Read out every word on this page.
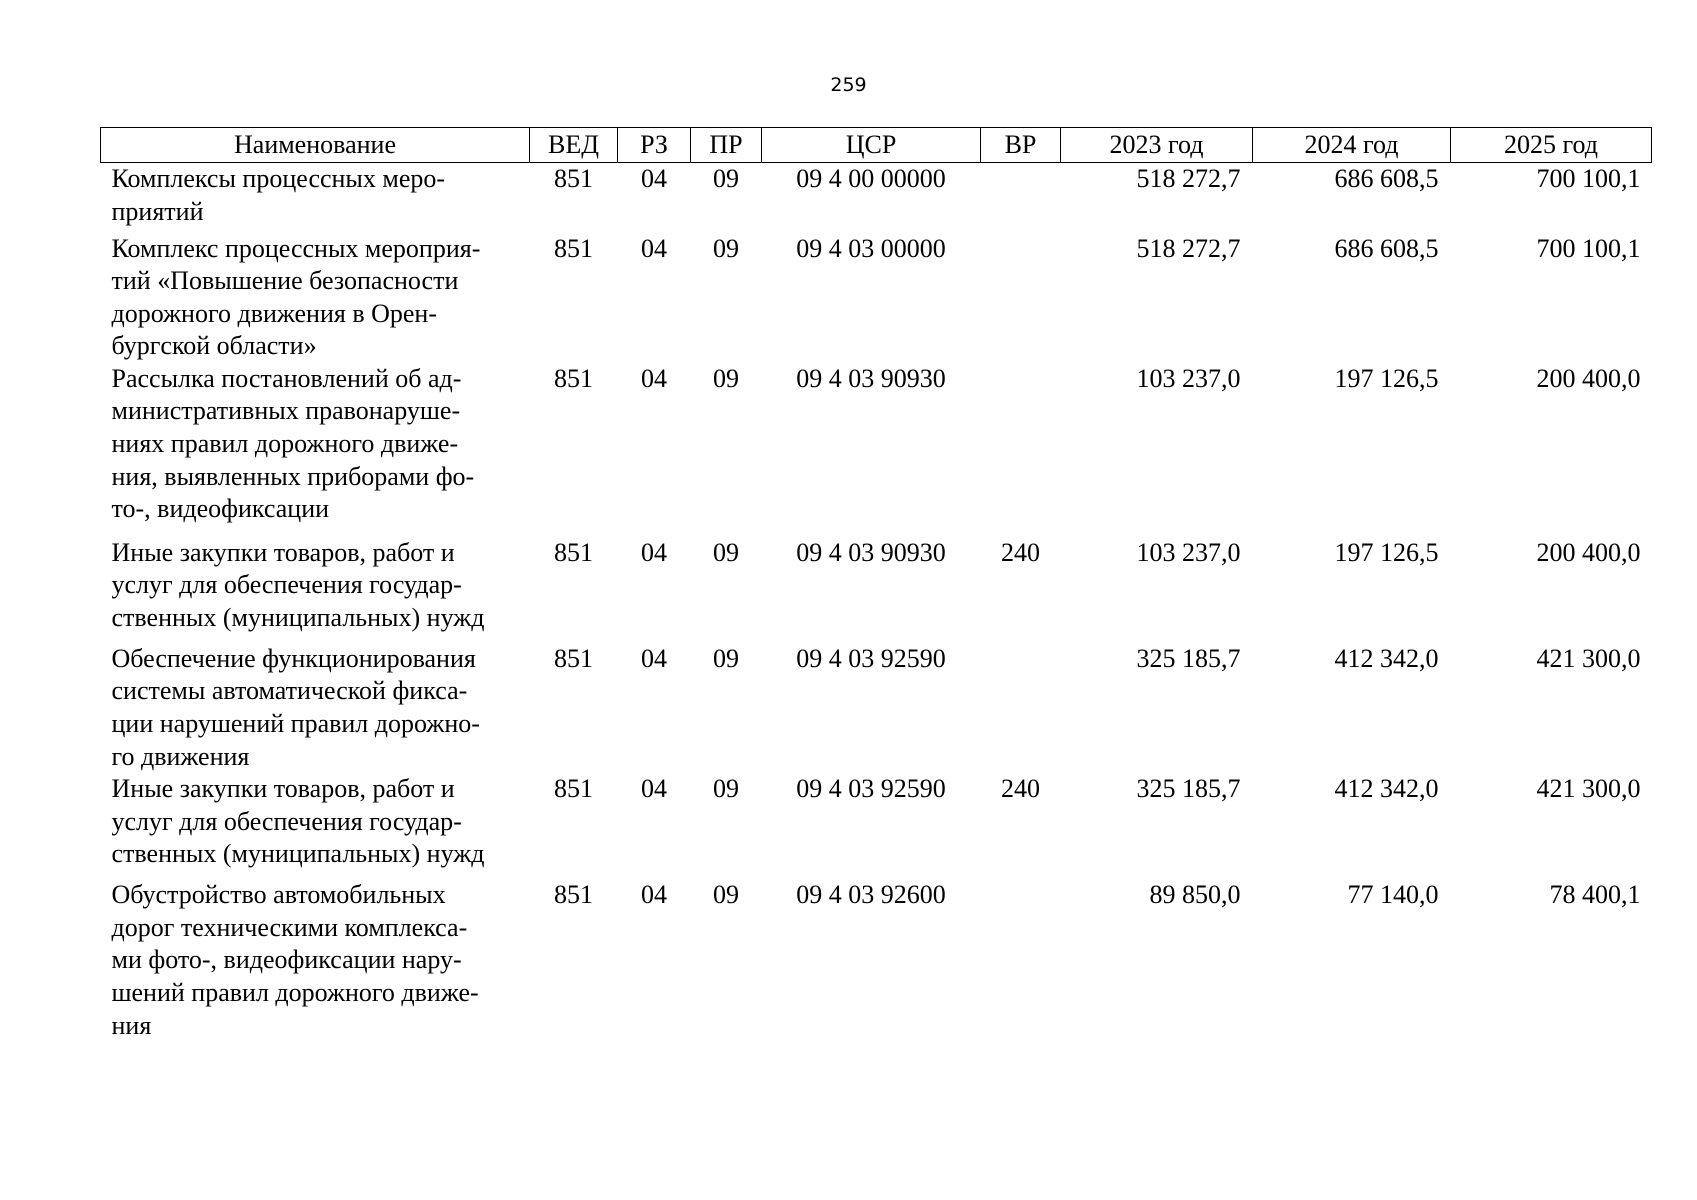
259
Наименование	ВЕД	РЗ	ПР	ЦСР	ВР	2023 год	2024 год	2025 год

Комплексы процессных меро-
приятий	851	04	09	09 4 00 00000		518 272,7	686 608,5	700 100,1

Комплекс процессных мероприя-
тий «Повышение безопасности
дорожного движения в Орен-
бургской области»	851	04	09	09 4 03 00000		518 272,7	686 608,5	700 100,1

Рассылка постановлений об ад-
министративных правонаруше-
ниях правил дорожного движе-
ния, выявленных приборами фо-
то-, видеофиксации	851	04	09	09 4 03 90930		103 237,0	197 126,5	200 400,0

Иные закупки товаров, работ и
услуг для обеспечения государ-
ственных (муниципальных) нужд	851	04	09	09 4 03 90930	240	103 237,0	197 126,5	200 400,0

Обеспечение функционирования
системы автоматической фикса-
ции нарушений правил дорожно-
го движения	851	04	09	09 4 03 92590		325 185,7	412 342,0	421 300,0

Иные закупки товаров, работ и
услуг для обеспечения государ-
ственных (муниципальных) нужд	851	04	09	09 4 03 92590	240	325 185,7	412 342,0	421 300,0

Обустройство автомобильных
дорог техническими комплекса-
ми фото-, видеофиксации нару-
шений правил дорожного движе-
ния	851	04	09	09 4 03 92600		89 850,0	77 140,0	78 400,1
